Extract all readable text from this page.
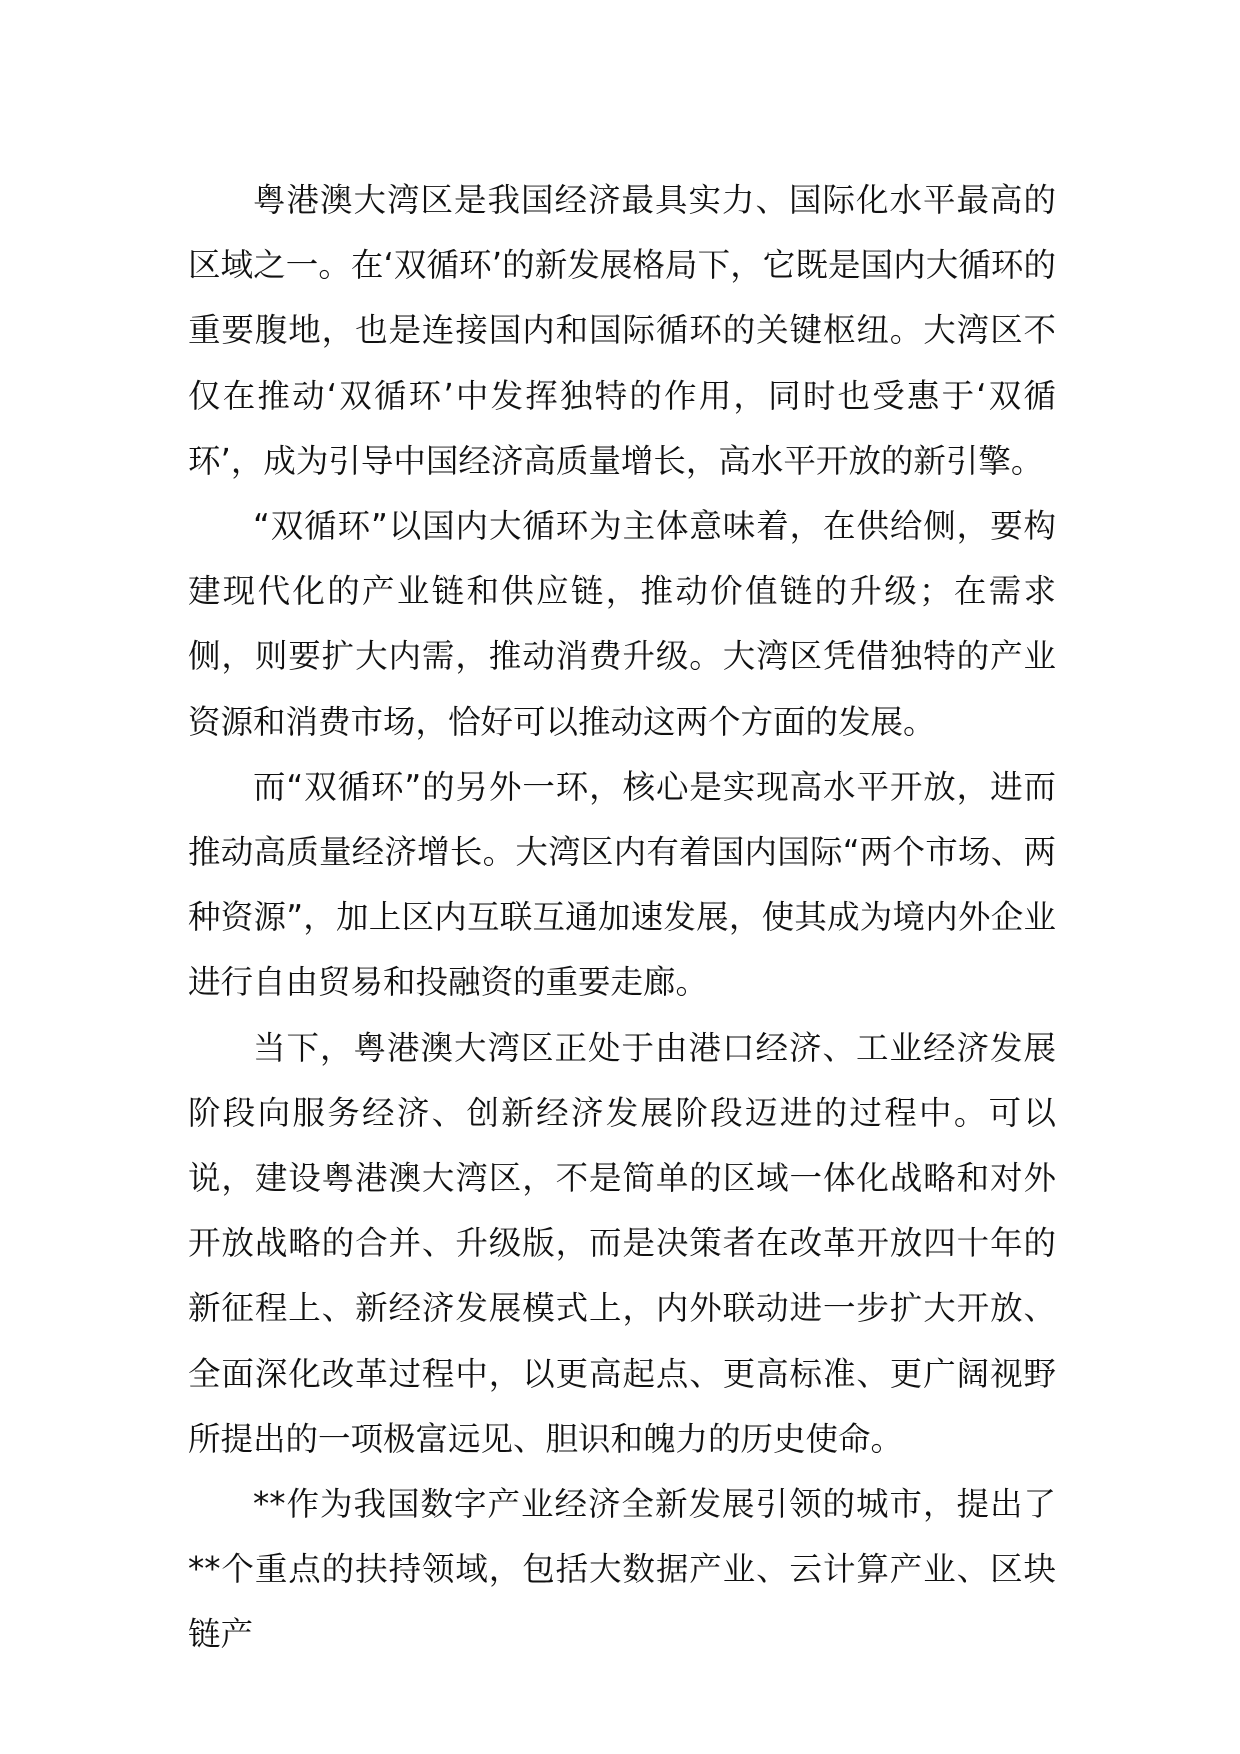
粤港澳大湾区是我国经济最具实力、国际化水平最高的区域之一。在‘双循环’的新发展格局下，它既是国内大循环的重要腹地，也是连接国内和国际循环的关键枢纽。大湾区不仅在推动‘双循环’中发挥独特的作用，同时也受惠于‘双循环’，成为引导中国经济高质量增长，高水平开放的新引擎。

“双循环”以国内大循环为主体意味着，在供给侧，要构建现代化的产业链和供应链，推动价值链的升级；在需求侧，则要扩大内需，推动消费升级。大湾区凭借独特的产业资源和消费市场，恰好可以推动这两个方面的发展。

而“双循环”的另外一环，核心是实现高水平开放，进而推动高质量经济增长。大湾区内有着国内国际“两个市场、两种资源”，加上区内互联互通加速发展，使其成为境内外企业进行自由贸易和投融资的重要走廊。

当下，粤港澳大湾区正处于由港口经济、工业经济发展阶段向服务经济、创新经济发展阶段迈进的过程中。可以说，建设粤港澳大湾区，不是简单的区域一体化战略和对外开放战略的合并、升级版，而是决策者在改革开放四十年的新征程上、新经济发展模式上，内外联动进一步扩大开放、全面深化改革过程中，以更高起点、更高标准、更广阔视野所提出的一项极富远见、胆识和魄力的历史使命。

**作为我国数字产业经济全新发展引领的城市，提出了**个重点的扶持领域，包括大数据产业、云计算产业、区块链产
